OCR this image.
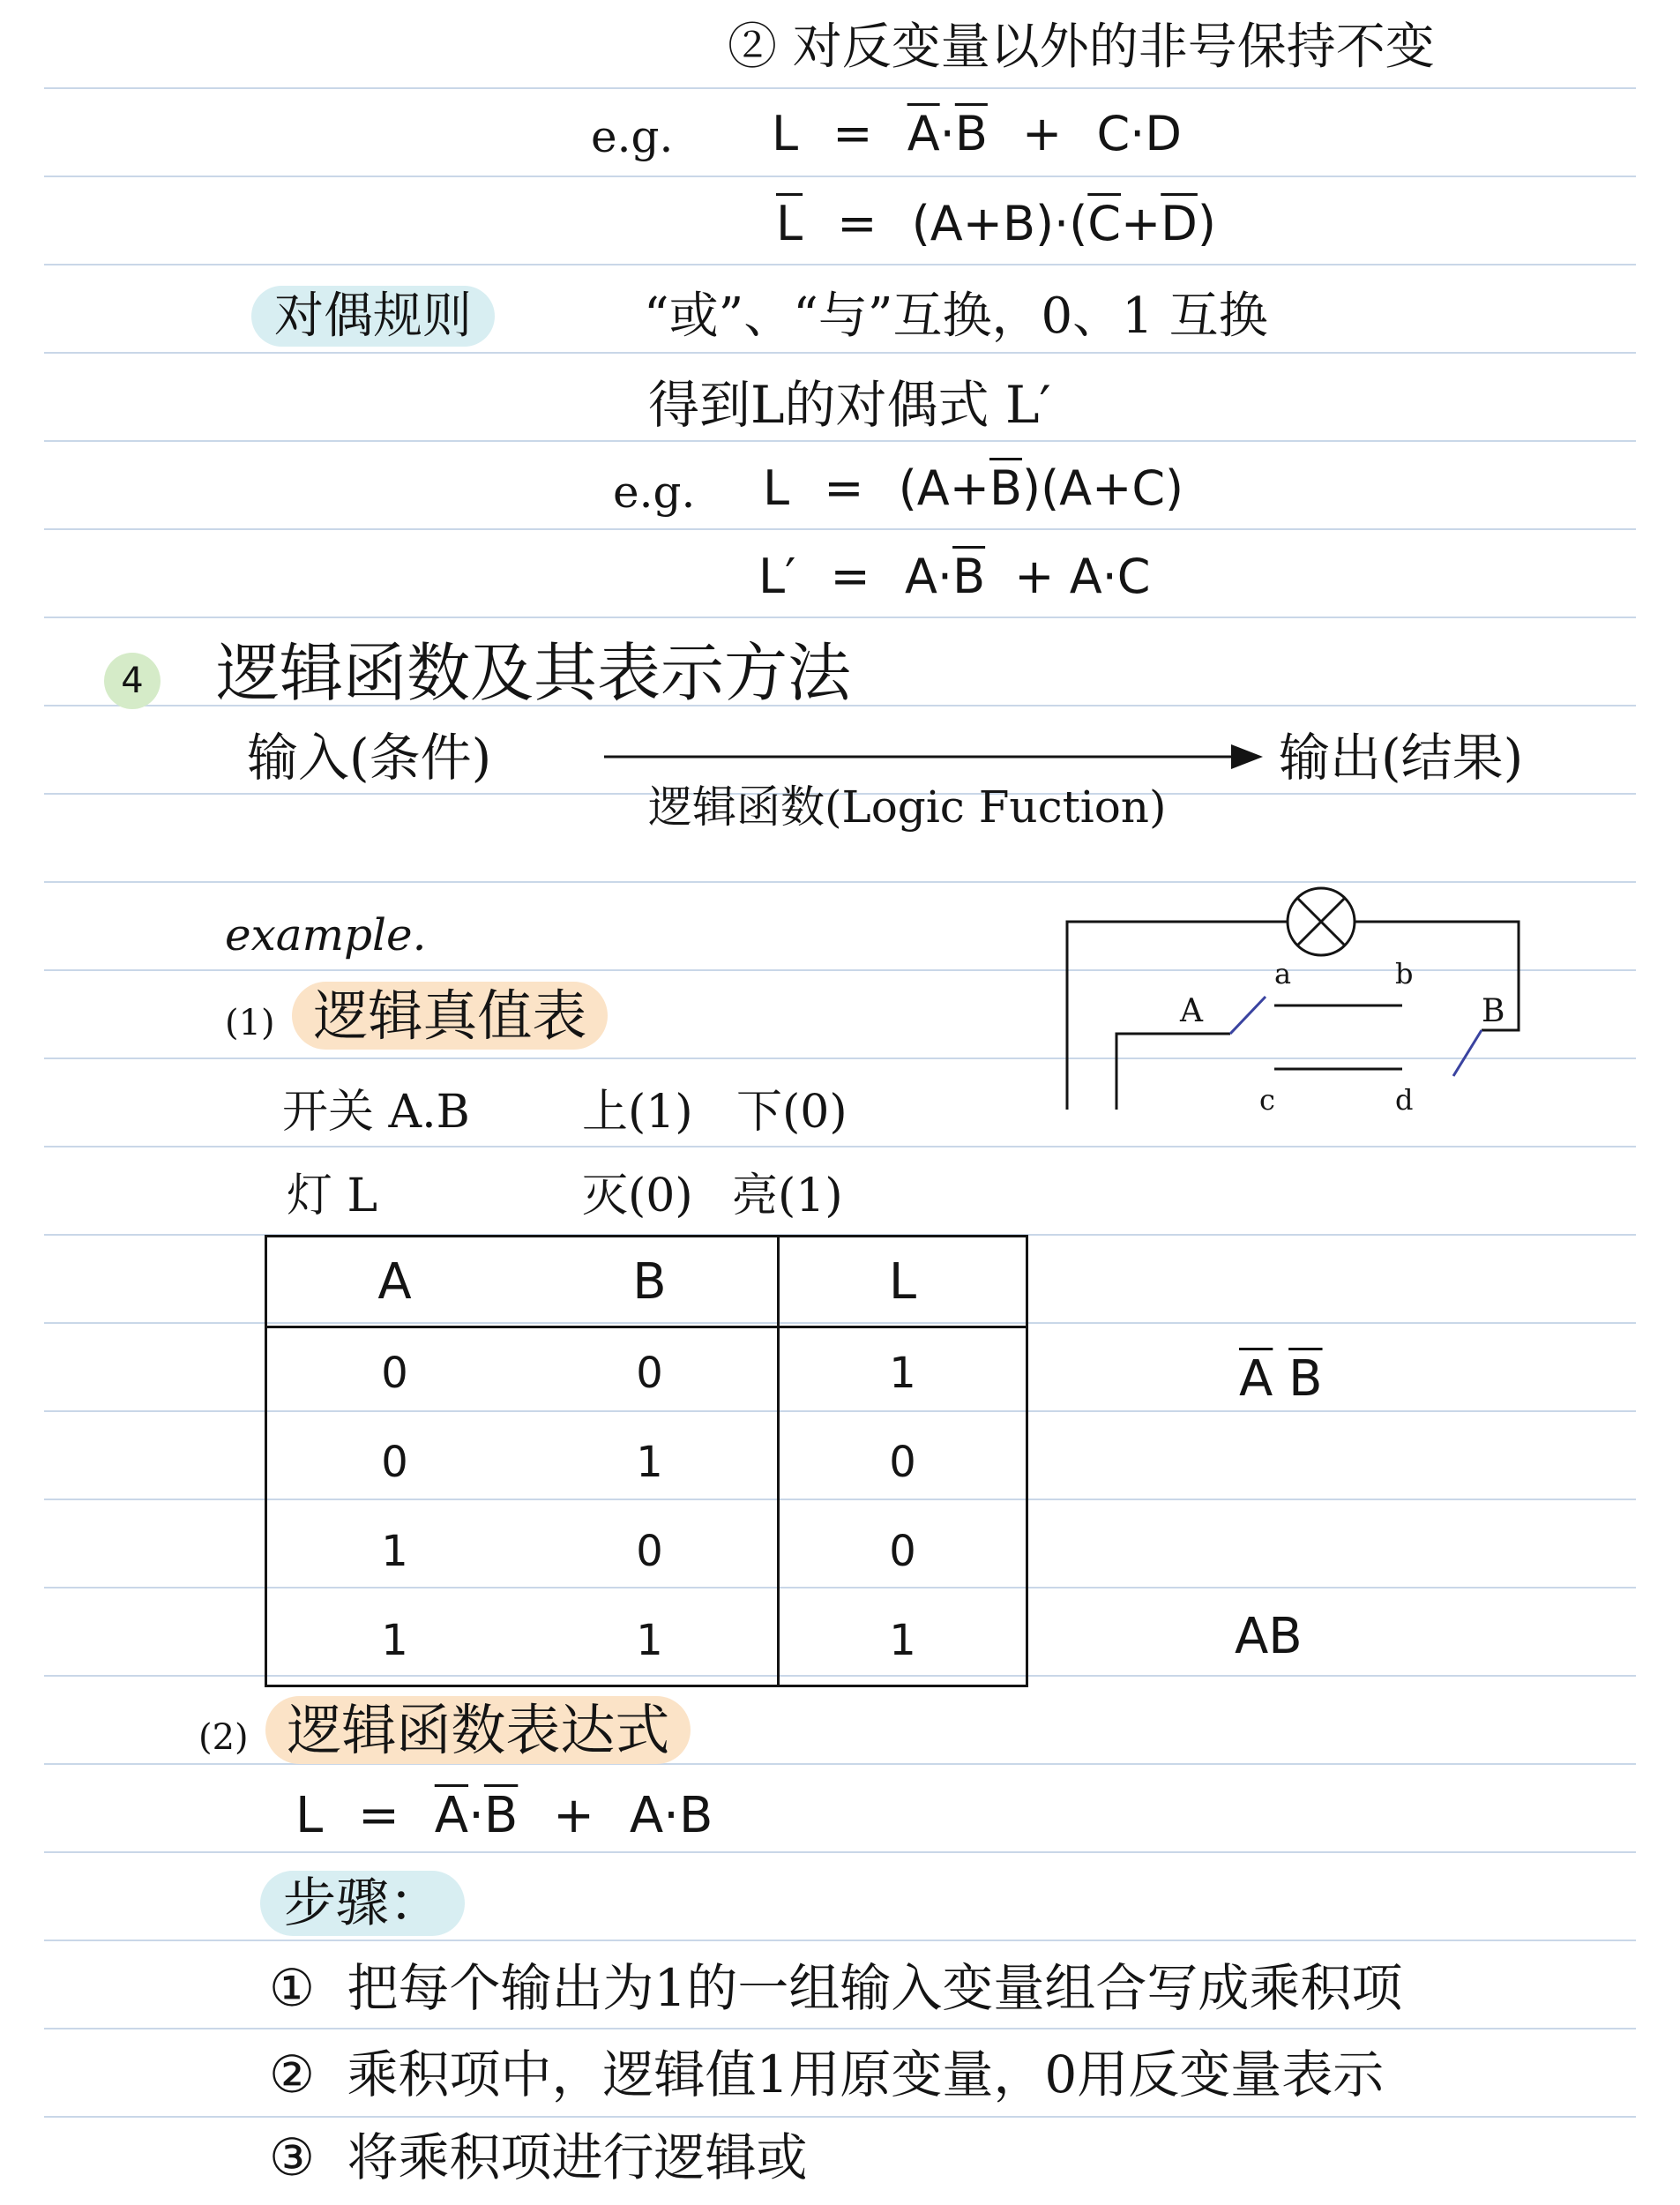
② 对反变量以外的非号保持不变
e.g. $L = \overline{A}\cdot\overline{B} + C\cdot D$
$\overline{L} = (A+B)\cdot(\overline{C}+\overline{D})$
对偶规则	“或”、“与”互换，0、1 互换
得到L的对偶式 L′
e.g. $L = (A+\overline{B})(A+C)$
$L' = A\cdot\overline{B} + A\cdot C$
4 逻辑函数及其表示方法
输入(条件)	输出(结果)
逻辑函数(Logic Fuction)
example.
(1) 逻辑真值表
开关 A.B 上(1) 下(0)
灯 L	灭(0) 亮(1)
A	B
a	b
c	d
A	B	L
0	0	1
0	1	0
1	0	0
1	1	1
$\overline{A}$ $\overline{B}$
AB
(2) 逻辑函数表达式
$L = \overline{A}\cdot\overline{B} + A\cdot B$
步骤：
① 把每个输出为1的一组输入变量组合写成乘积项
② 乘积项中，逻辑值1用原变量，0用反变量表示
③ 将乘积项进行逻辑或
